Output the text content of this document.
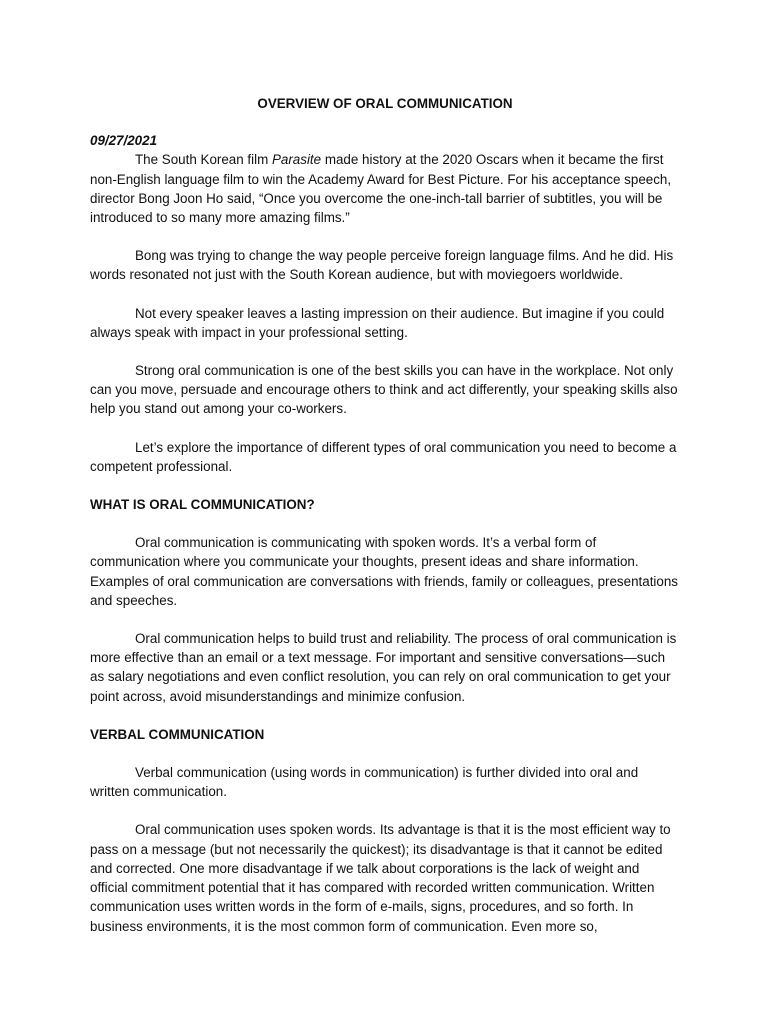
OVERVIEW OF ORAL COMMUNICATION
09/27/2021

The South Korean film Parasite made history at the 2020 Oscars when it became the first non-English language film to win the Academy Award for Best Picture. For his acceptance speech, director Bong Joon Ho said, “Once you overcome the one-inch-tall barrier of subtitles, you will be introduced to so many more amazing films.”

Bong was trying to change the way people perceive foreign language films. And he did. His words resonated not just with the South Korean audience, but with moviegoers worldwide.

Not every speaker leaves a lasting impression on their audience. But imagine if you could always speak with impact in your professional setting.

Strong oral communication is one of the best skills you can have in the workplace. Not only can you move, persuade and encourage others to think and act differently, your speaking skills also help you stand out among your co-workers.

Let’s explore the importance of different types of oral communication you need to become a competent professional.

WHAT IS ORAL COMMUNICATION?

Oral communication is communicating with spoken words. It’s a verbal form of communication where you communicate your thoughts, present ideas and share information. Examples of oral communication are conversations with friends, family or colleagues, presentations and speeches.

Oral communication helps to build trust and reliability. The process of oral communication is more effective than an email or a text message. For important and sensitive conversations—such as salary negotiations and even conflict resolution, you can rely on oral communication to get your point across, avoid misunderstandings and minimize confusion.

VERBAL COMMUNICATION

Verbal communication (using words in communication) is further divided into oral and written communication.

Oral communication uses spoken words. Its advantage is that it is the most efficient way to pass on a message (but not necessarily the quickest); its disadvantage is that it cannot be edited and corrected. One more disadvantage if we talk about corporations is the lack of weight and official commitment potential that it has compared with recorded written communication. Written communication uses written words in the form of e-mails, signs, procedures, and so forth. In business environments, it is the most common form of communication. Even more so,
